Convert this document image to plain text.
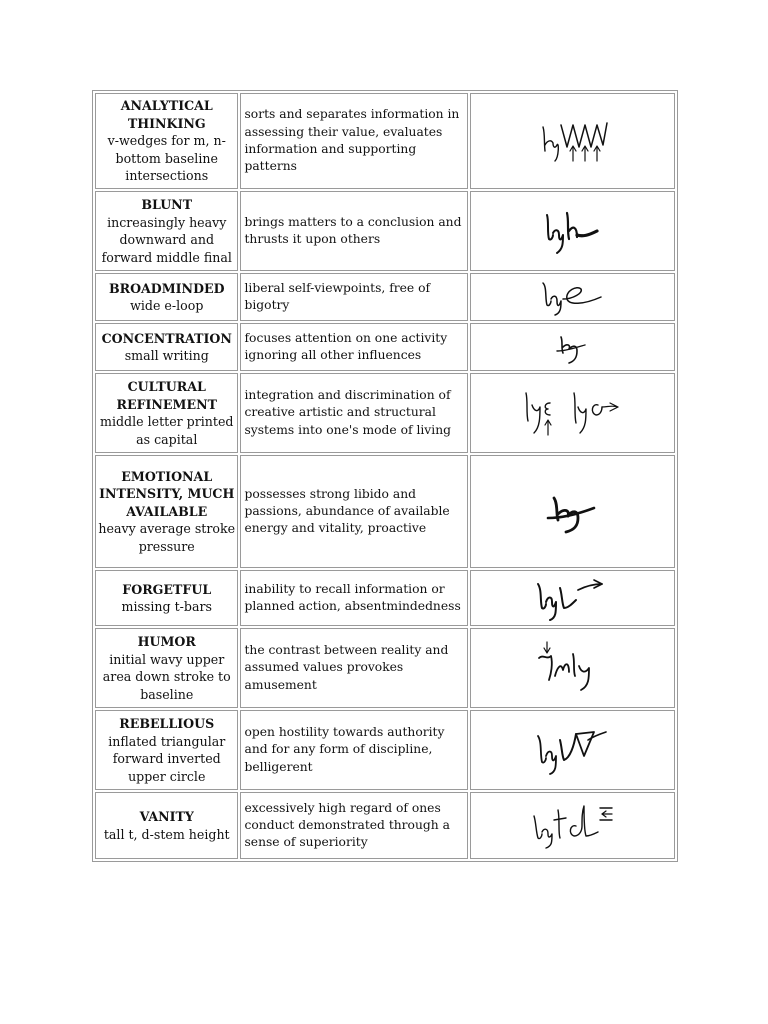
ANALYTICAL THINKING
v-wedges for m, n- bottom baseline intersections	sorts and separates information in assessing their value, evaluates information and supporting patterns	

BLUNT
increasingly heavy downward and forward middle final	brings matters to a conclusion and thrusts it upon others	

BROADMINDED
wide e-loop	liberal self-viewpoints, free of bigotry	

CONCENTRATION
small writing	focuses attention on one activity ignoring all other influences	

CULTURAL REFINEMENT
middle letter printed as capital	integration and discrimination of creative artistic and structural systems into one's mode of living	

EMOTIONAL INTENSITY, MUCH AVAILABLE
heavy average stroke pressure	possesses strong libido and passions, abundance of available energy and vitality, proactive	

FORGETFUL
missing t-bars	inability to recall information or planned action, absentmindedness	

HUMOR
initial wavy upper area down stroke to baseline	the contrast between reality and assumed values provokes amusement	

REBELLIOUS
inflated triangular forward inverted upper circle	open hostility towards authority and for any form of discipline, belligerent	

VANITY
tall t, d-stem height	excessively high regard of ones conduct demonstrated through a sense of superiority	
